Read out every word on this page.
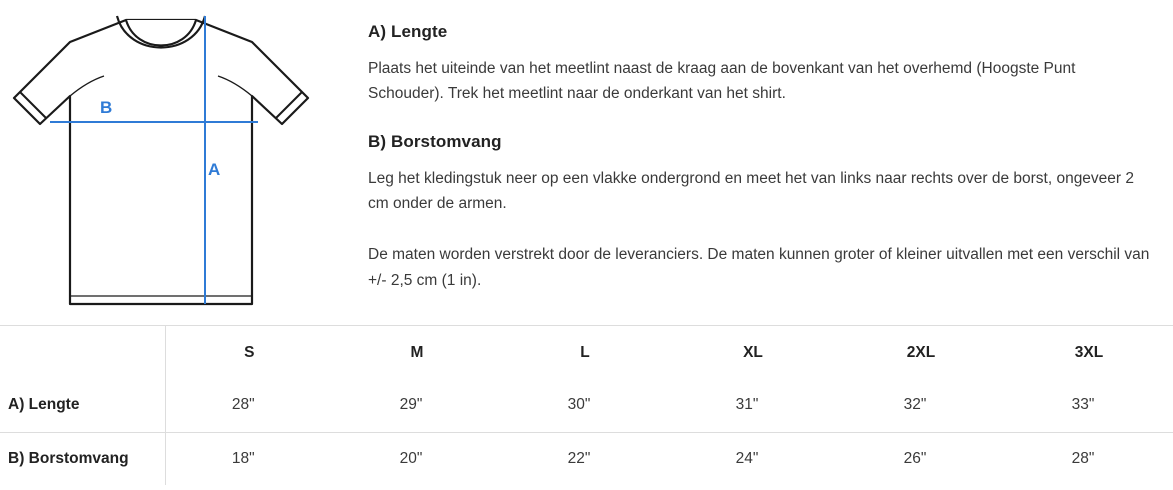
B
A
A) Lengte

Plaats het uiteinde van het meetlint naast de kraag aan de bovenkant van het overhemd (Hoogste Punt Schouder). Trek het meetlint naar de onderkant van het shirt.

B) Borstomvang

Leg het kledingstuk neer op een vlakke ondergrond en meet het van links naar rechts over de borst, ongeveer 2 cm onder de armen.

De maten worden verstrekt door de leveranciers. De maten kunnen groter of kleiner uitvallen met een verschil van +/- 2,5 cm (1 in).

	S	M	L	XL	2XL	3XL

A) Lengte	28"	29"	30"	31"	32"	33"

B) Borstomvang	18"	20"	22"	24"	26"	28"
